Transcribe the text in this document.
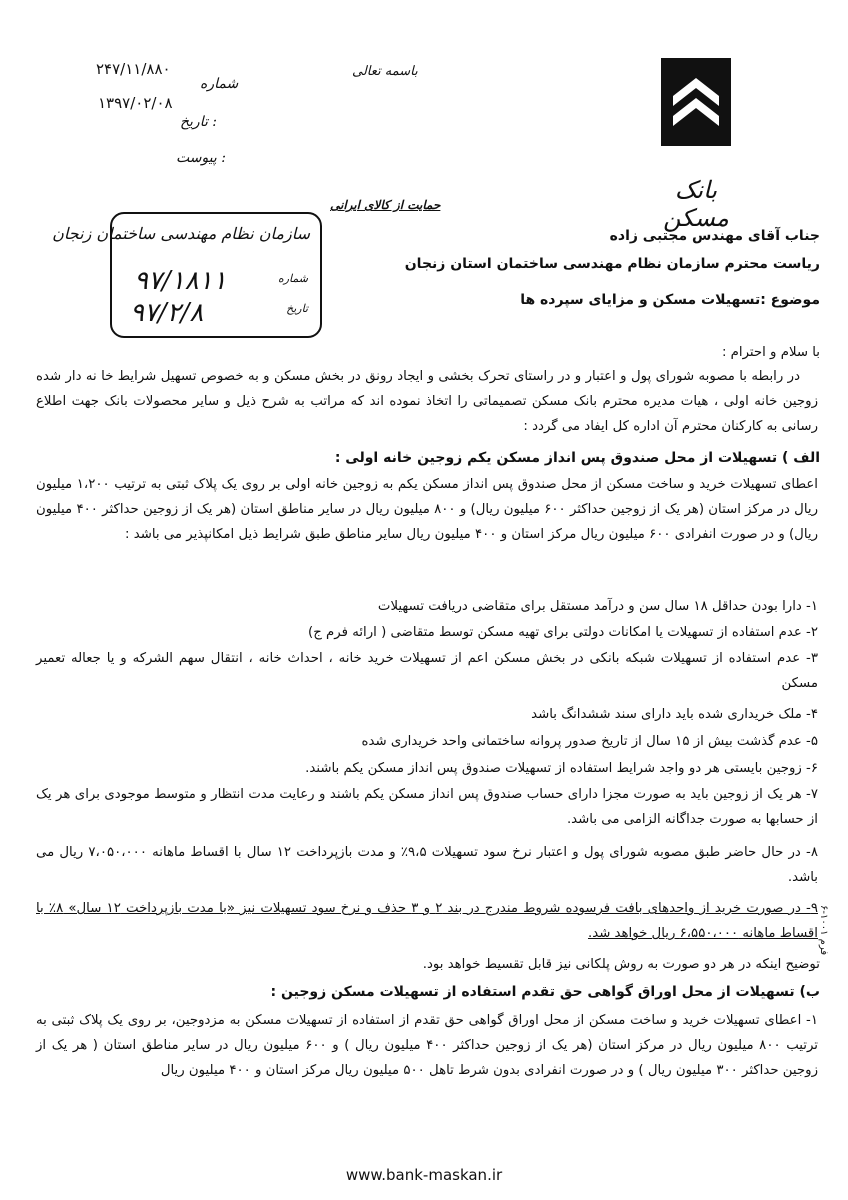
۲۴۷/۱۱/۸۸۰
شماره
۱۳۹۷/۰۲/۰۸
تاریخ :
پیوست :
باسمه تعالی
بانک مسکن
حمایت از کالای ایرانی
سازمان نظام مهندسی ساختمان زنجان
شماره
۹۷/۱۸۱۱
تاریخ
۹۷/۲/۸
جناب آقای مهندس مجتبی زاده
ریاست محترم سازمان نظام مهندسی ساختمان استان زنجان
موضوع :تسهیلات مسکن و مزایای سپرده ها
با سلام و احترام :
در رابطه با مصوبه شورای پول و اعتبار و در راستای تحرک بخشی و ایجاد رونق در بخش مسکن و به خصوص تسهیل شرایط خا نه دار شده زوجین خانه اولی ، هیات مدیره محترم بانک مسکن تصمیماتی را اتخاذ نموده اند که مراتب به شرح ذیل و سایر محصولات بانک جهت اطلاع رسانی به کارکنان محترم آن اداره کل ایفاد می گردد :
الف ) تسهیلات از محل صندوق پس انداز مسکن یکم زوجین خانه اولی :
اعطای تسهیلات خرید و ساخت مسکن از محل صندوق پس انداز مسکن یکم به زوجین خانه اولی بر روی یک پلاک ثبتی به ترتیب ۱،۲۰۰ میلیون ریال در مرکز استان (هر یک از زوجین حداکثر ۶۰۰ میلیون ریال) و ۸۰۰ میلیون ریال در سایر مناطق استان (هر یک از زوجین حداکثر ۴۰۰ میلیون ریال) و در صورت انفرادی ۶۰۰ میلیون ریال مرکز استان و ۴۰۰ میلیون ریال سایر مناطق طبق شرایط ذیل امکانپذیر می باشد :
۱- دارا بودن حداقل ۱۸ سال سن و درآمد مستقل برای متقاضی دریافت تسهیلات
۲- عدم استفاده از تسهیلات یا امکانات دولتی برای تهیه مسکن توسط متقاضی ( ارائه فرم ج)
۳- عدم استفاده از تسهیلات شبکه بانکی در بخش مسکن اعم از تسهیلات خرید خانه ، احداث خانه ، انتقال سهم الشرکه و یا جعاله تعمیر مسکن
۴- ملک خریداری شده باید دارای سند ششدانگ باشد
۵- عدم گذشت بیش از ۱۵ سال از تاریخ صدور پروانه ساختمانی واحد خریداری شده
۶- زوجین بایستی هر دو واجد شرایط استفاده از تسهیلات صندوق پس انداز مسکن یکم باشند.
۷- هر یک از زوجین باید به صورت مجزا دارای حساب صندوق پس انداز مسکن یکم باشند و رعایت مدت انتظار و متوسط موجودی برای هر یک از حسابها به صورت جداگانه الزامی می باشد.
۸- در حال حاضر طبق مصوبه شورای پول و اعتبار نرخ سود تسهیلات ۹،۵٪ و مدت بازپرداخت ۱۲ سال با اقساط ماهانه ۷،۰۵۰،۰۰۰ ریال می باشد.
۹- در صورت خرید از واحدهای بافت فرسوده شروط مندرج در بند ۲ و ۳ حذف و نرخ سود تسهیلات نیز «با مدت بازپرداخت ۱۲ سال» ۸٪ با اقساط ماهانه ۶،۵۵۰،۰۰۰ ریال خواهد شد.
توضیح اینکه در هر دو صورت به روش پلکانی نیز قابل تقسیط خواهد بود.
ب) تسهیلات از محل اوراق گواهی حق تقدم استفاده از تسهیلات مسکن زوجین :
۱- اعطای تسهیلات خرید و ساخت مسکن از محل اوراق گواهی حق تقدم از استفاده از تسهیلات مسکن به مزدوجین، بر روی یک پلاک ثبتی به ترتیب ۸۰۰ میلیون ریال در مرکز استان (هر یک از زوجین حداکثر ۴۰۰ میلیون ریال ) و ۶۰۰ میلیون ریال در سایر مناطق استان ( هر یک از زوجین حداکثر ۳۰۰ میلیون ریال ) و در صورت انفرادی بدون شرط تاهل ۵۰۰ میلیون ریال مرکز استان و ۴۰۰ میلیون ریال
فرم ۱۰۰۱-۶
www.bank-maskan.ir
